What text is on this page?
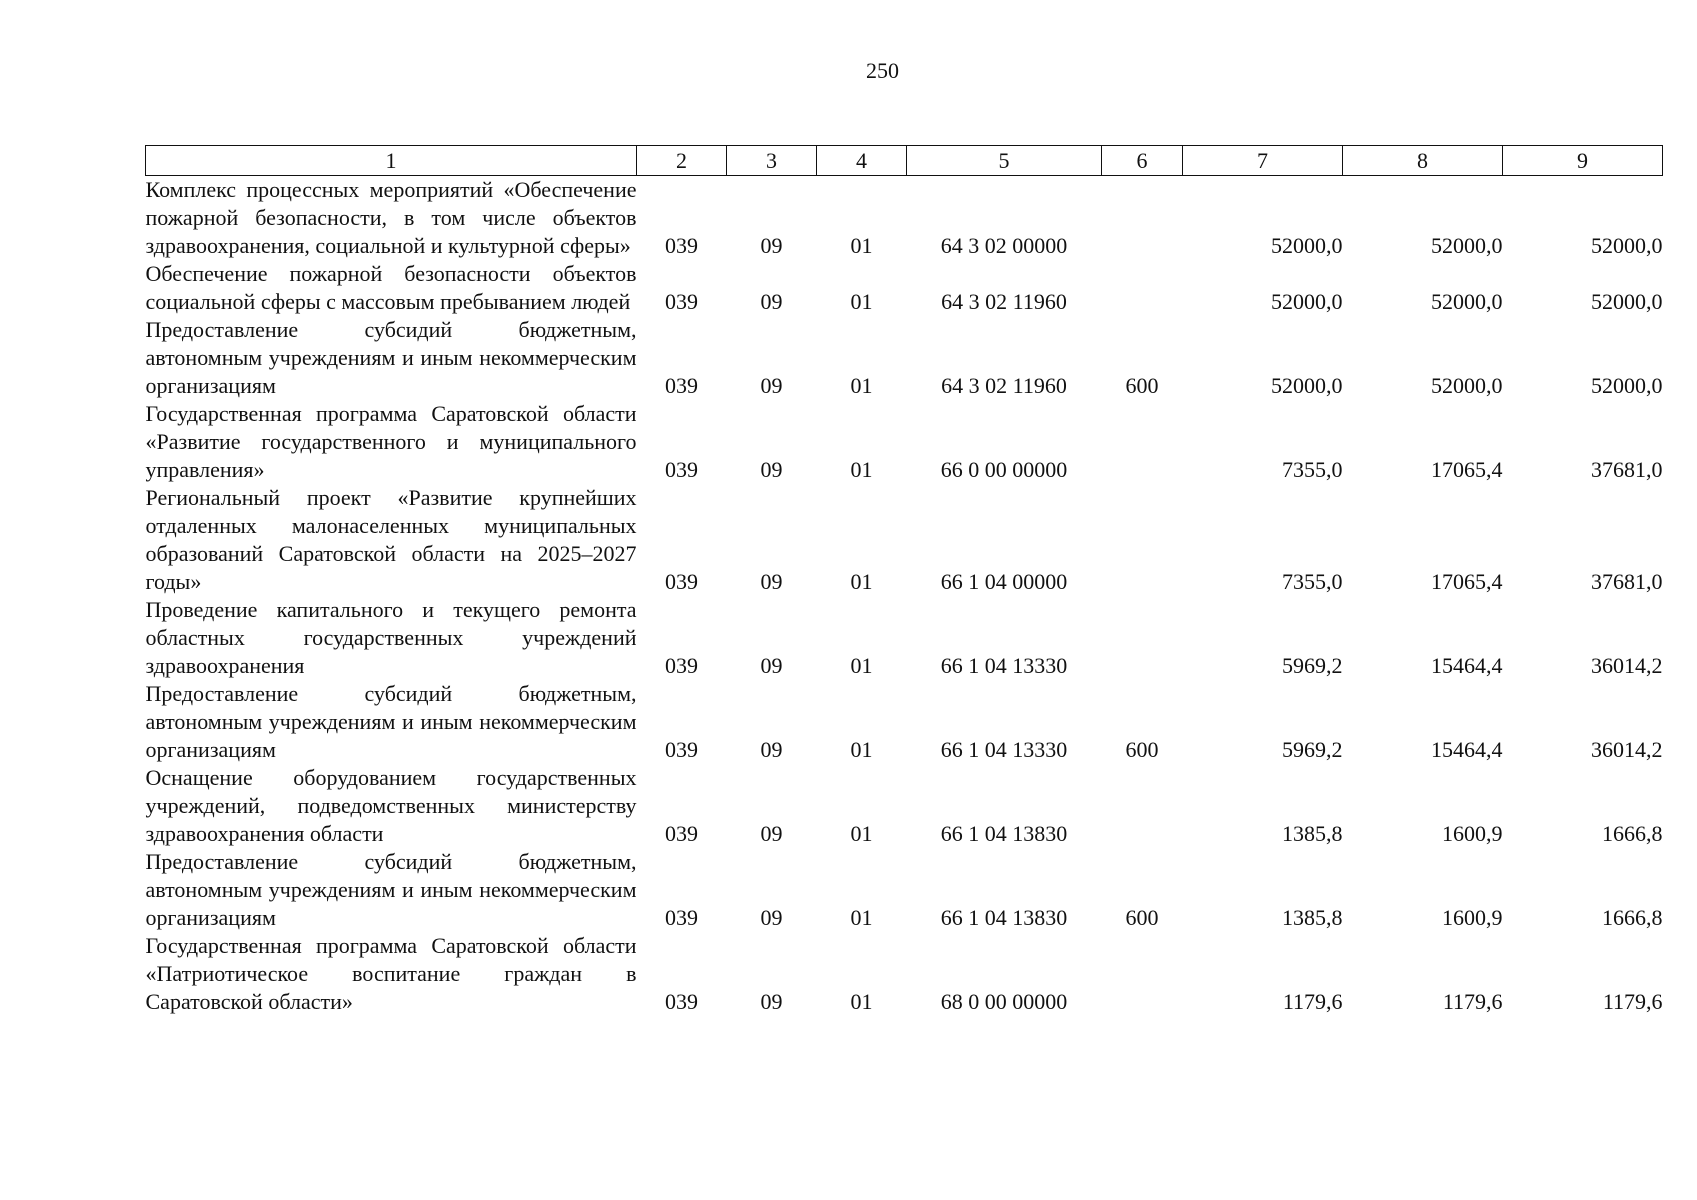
250
1	2	3	4	5	6	7	8	9
Комплекс процессных мероприятий «Обеспечение пожарной безопасности, в том числе объектов здравоохранения, социальной и культурной сферы»	039	09	01	64 3 02 00000		52000,0	52000,0	52000,0
Обеспечение пожарной безопасности объектов социальной сферы с массовым пребыванием людей	039	09	01	64 3 02 11960		52000,0	52000,0	52000,0
Предоставление субсидий бюджетным, автономным учреждениям и иным некоммерческим организациям	039	09	01	64 3 02 11960	600	52000,0	52000,0	52000,0
Государственная программа Саратовской области «Развитие государственного и муниципального управления»	039	09	01	66 0 00 00000		7355,0	17065,4	37681,0
Региональный проект «Развитие крупнейших отдаленных малонаселенных муниципальных образований Саратовской области на 2025–2027 годы»	039	09	01	66 1 04 00000		7355,0	17065,4	37681,0
Проведение капитального и текущего ремонта областных государственных учреждений здравоохранения	039	09	01	66 1 04 13330		5969,2	15464,4	36014,2
Предоставление субсидий бюджетным, автономным учреждениям и иным некоммерческим организациям	039	09	01	66 1 04 13330	600	5969,2	15464,4	36014,2
Оснащение оборудованием государственных учреждений, подведомственных министерству здравоохранения области	039	09	01	66 1 04 13830		1385,8	1600,9	1666,8
Предоставление субсидий бюджетным, автономным учреждениям и иным некоммерческим организациям	039	09	01	66 1 04 13830	600	1385,8	1600,9	1666,8
Государственная программа Саратовской области «Патриотическое воспитание граждан в Саратовской области»	039	09	01	68 0 00 00000		1179,6	1179,6	1179,6
